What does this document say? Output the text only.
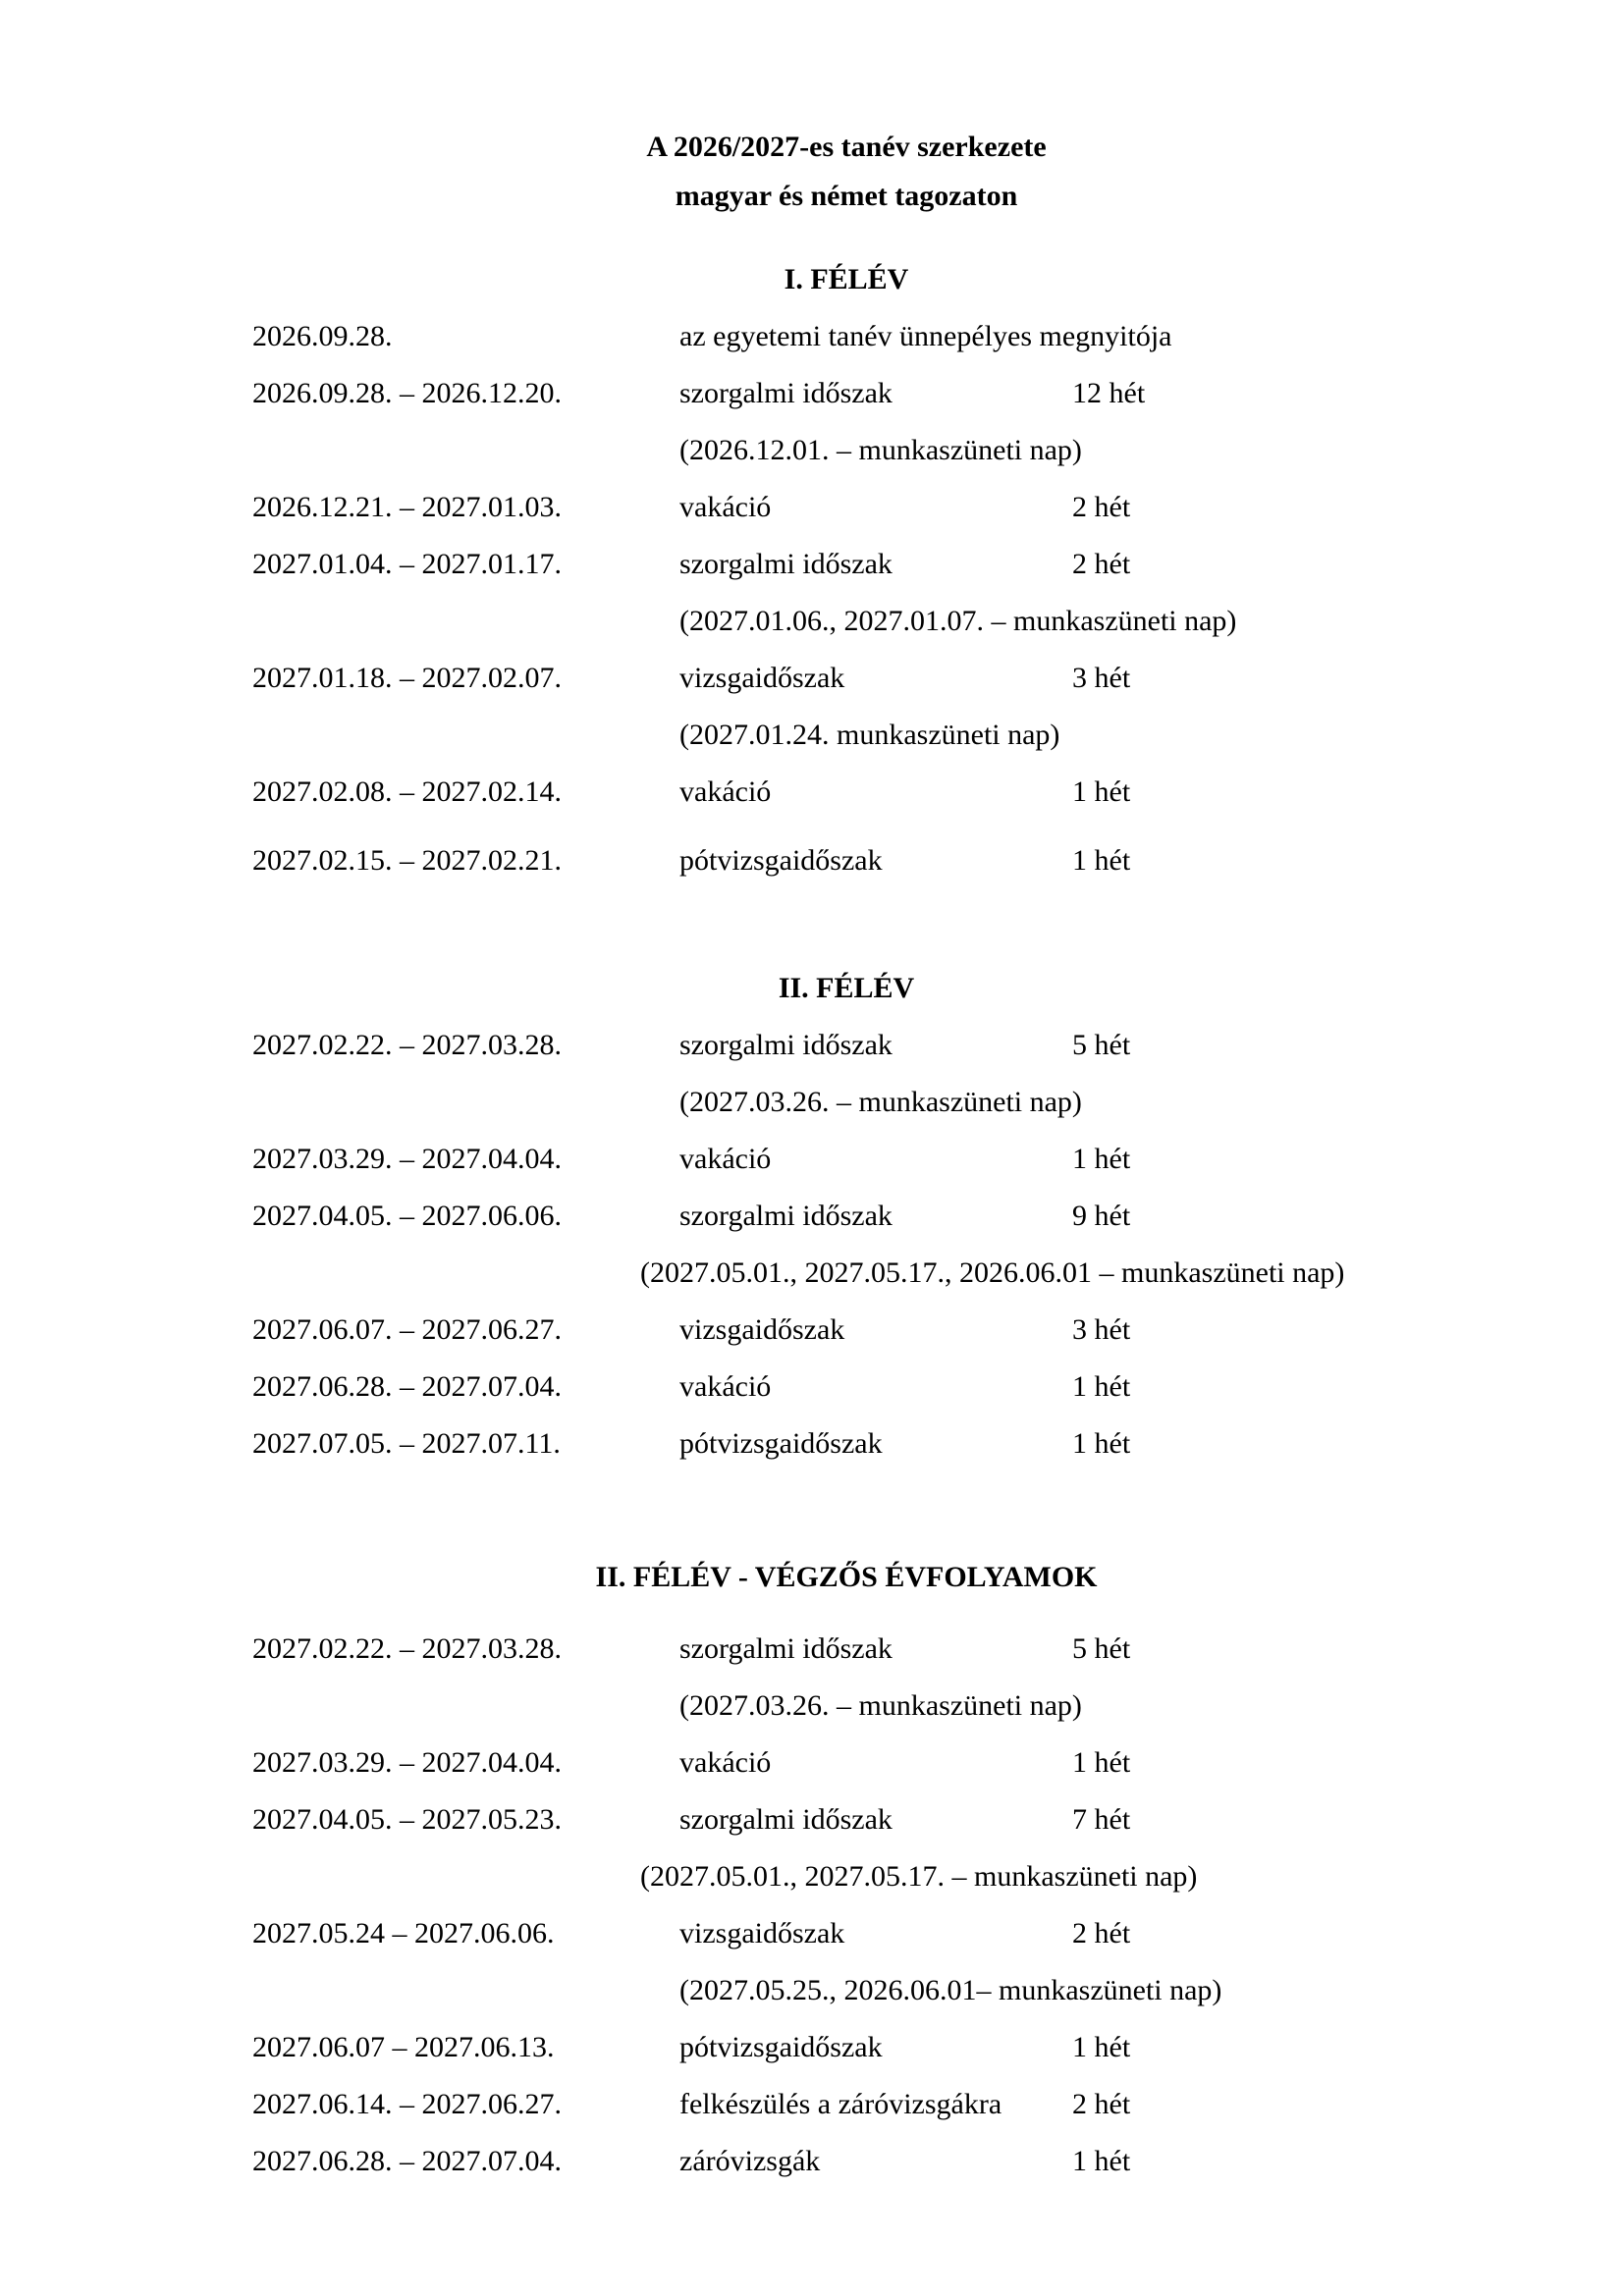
A 2026/2027-es tanév szerkezete
magyar és német tagozaton
I. FÉLÉV
2026.09.28.	az egyetemi tanév ünnepélyes megnyitója
2026.09.28. – 2026.12.20.	szorgalmi időszak	12 hét
(2026.12.01. – munkaszüneti nap)
2026.12.21. – 2027.01.03.	vakáció	2 hét
2027.01.04. – 2027.01.17.	szorgalmi időszak	2 hét
(2027.01.06., 2027.01.07. – munkaszüneti nap)
2027.01.18. – 2027.02.07.	vizsgaidőszak	3 hét
(2027.01.24. munkaszüneti nap)
2027.02.08. – 2027.02.14.	vakáció	1 hét
2027.02.15. – 2027.02.21.	pótvizsgaidőszak	1 hét
II. FÉLÉV
2027.02.22. – 2027.03.28.	szorgalmi időszak	5 hét
(2027.03.26. – munkaszüneti nap)
2027.03.29. – 2027.04.04.	vakáció	1 hét
2027.04.05. – 2027.06.06.	szorgalmi időszak	9 hét
(2027.05.01., 2027.05.17., 2026.06.01 – munkaszüneti nap)
2027.06.07. – 2027.06.27.	vizsgaidőszak	3 hét
2027.06.28. – 2027.07.04.	vakáció	1 hét
2027.07.05. – 2027.07.11.	pótvizsgaidőszak	1 hét
II. FÉLÉV - VÉGZŐS ÉVFOLYAMOK
2027.02.22. – 2027.03.28.	szorgalmi időszak	5 hét
(2027.03.26. – munkaszüneti nap)
2027.03.29. – 2027.04.04.	vakáció	1 hét
2027.04.05. – 2027.05.23.	szorgalmi időszak	7 hét
(2027.05.01., 2027.05.17. – munkaszüneti nap)
2027.05.24 – 2027.06.06.	vizsgaidőszak	2 hét
(2027.05.25., 2026.06.01– munkaszüneti nap)
2027.06.07 – 2027.06.13.	pótvizsgaidőszak	1 hét
2027.06.14. – 2027.06.27.	felkészülés a záróvizsgákra 2 hét
2027.06.28. – 2027.07.04.	záróvizsgák	1 hét
